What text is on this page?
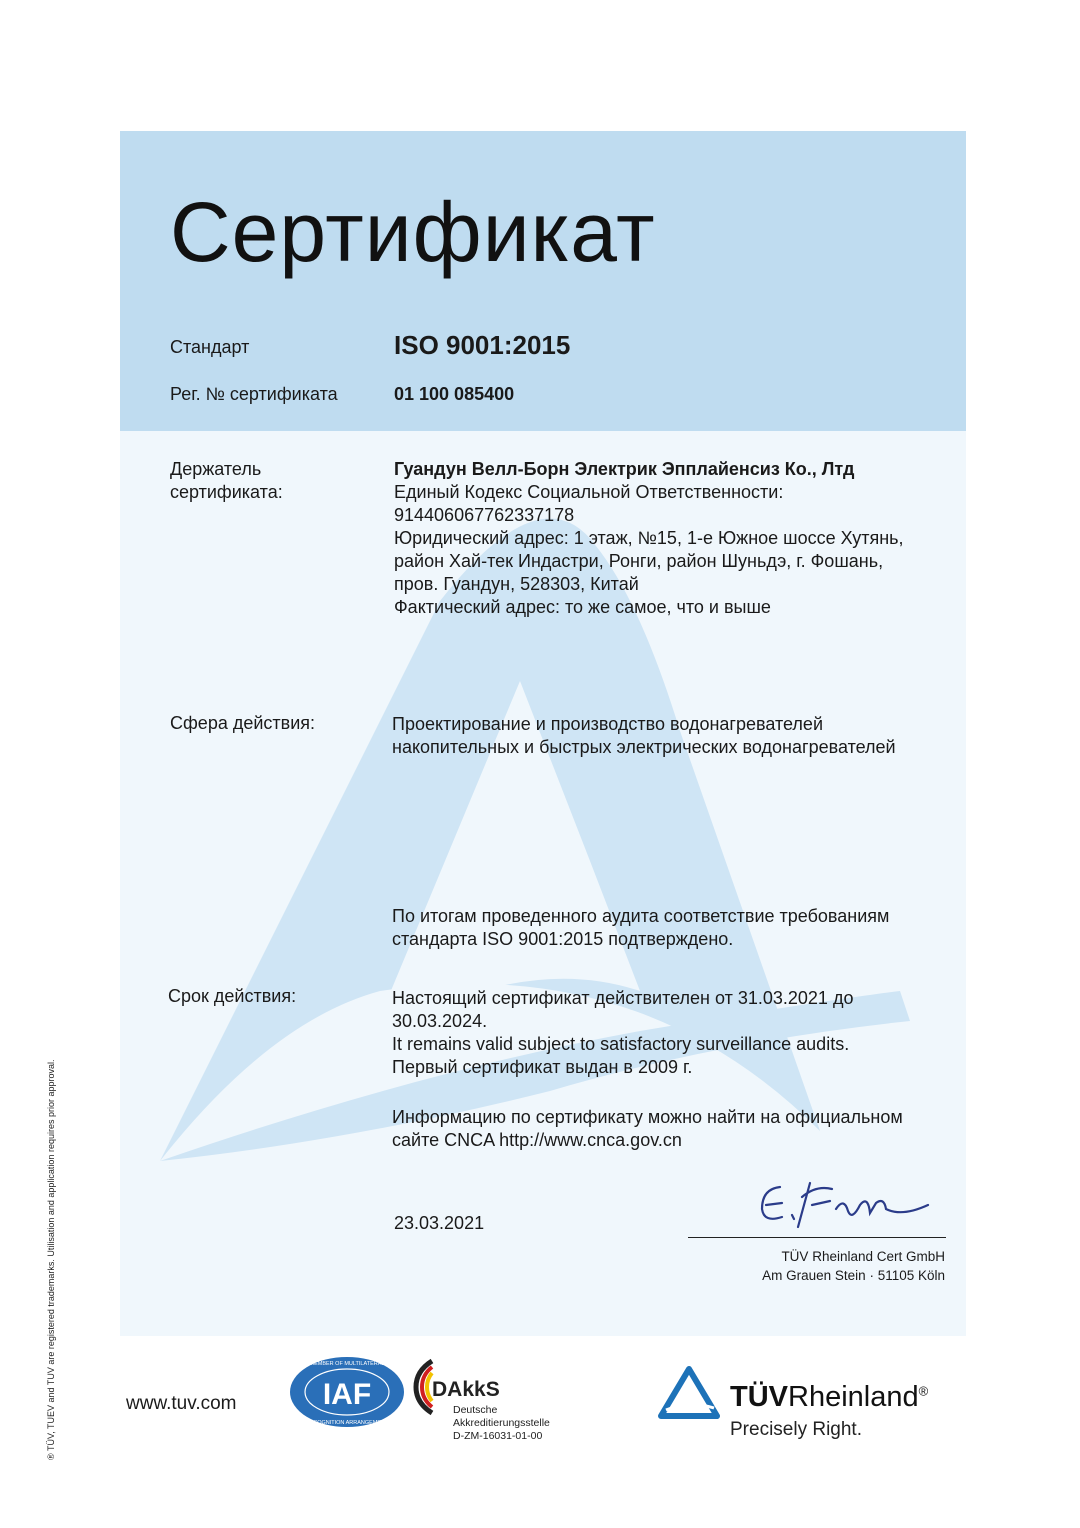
Сертификат
Стандарт	ISO 9001:2015
Рег. № сертификата	01 100 085400
Держатель
сертификата:
Гуандун Велл-Борн Электрик Эпплайенсиз Ко., Лтд
Единый Кодекс Социальной Ответственности:
914406067762337178
Юридический адрес: 1 этаж, №15, 1-е Южное шоссе Хутянь,
район Хай-тек Индастри, Ронги, район Шуньдэ, г. Фошань,
пров. Гуандун, 528303, Китай
Фактический адрес: то же самое, что и выше
Сфера действия:	Проектирование и производство водонагревателей
накопительных и быстрых электрических водонагревателей
По итогам проведенного аудита соответствие требованиям
стандарта ISO 9001:2015 подтверждено.
Срок действия:	Настоящий сертификат действителен от 31.03.2021 до
30.03.2024.
It remains valid subject to satisfactory surveillance audits.
Первый сертификат выдан в 2009 г.
Информацию по сертификату можно найти на официальном
сайте CNCA http://www.cnca.gov.cn
23.03.2021
TÜV Rheinland Cert GmbH
Am Grauen Stein · 51105 Köln
www.tuv.com	IAF
MEMBER OF MULTILATERAL
RECOGNITION ARRANGEMENT
DAkkS
Deutsche
Akkreditierungsstelle
D-ZM-16031-01-00
TÜVRheinland®
Precisely Right.
® TÜV, TUEV and TUV are registered trademarks. Utilisation and application requires prior approval.
